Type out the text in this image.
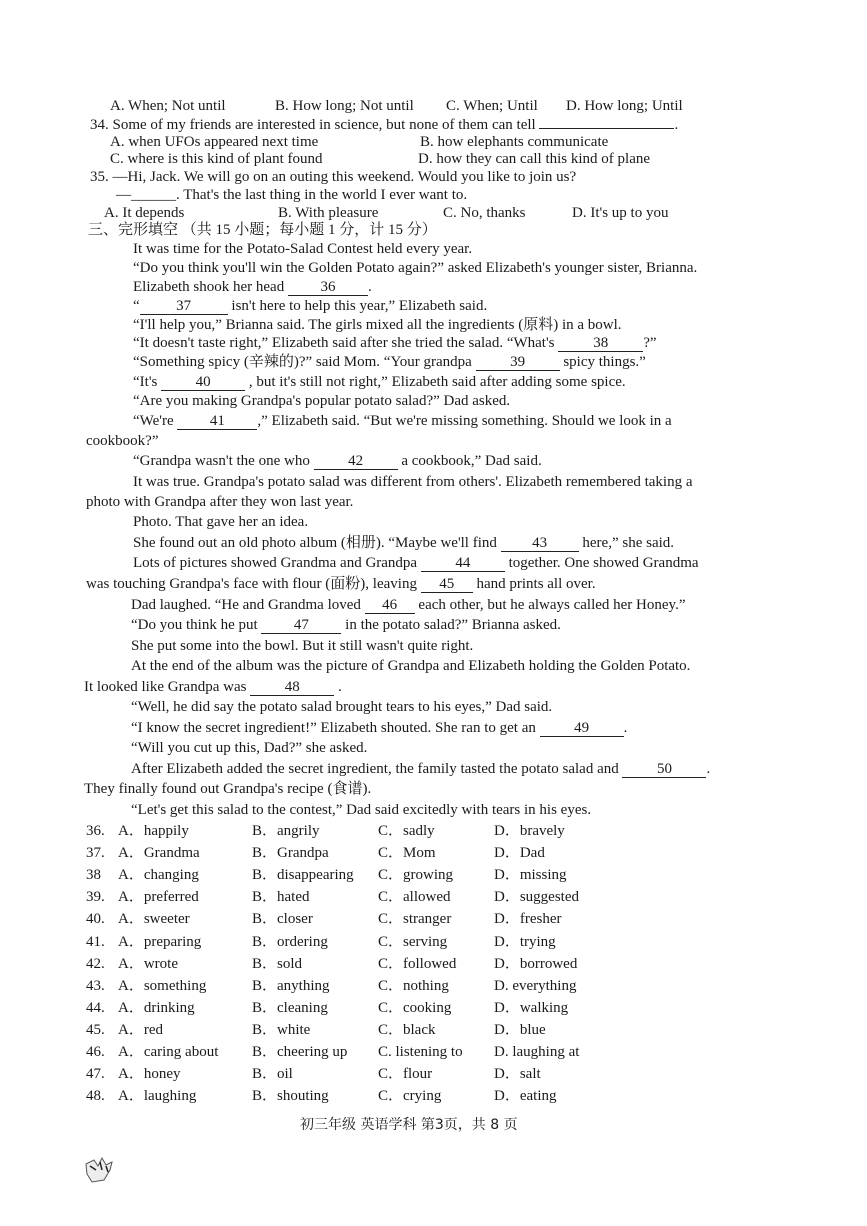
A. When; Not until	B. How long; Not until C. When; Until D. How long; Until
34. Some of my friends are interested in science, but none of them can tell	.
A. when UFOs appeared next time	B. how elephants communicate
C. where is this kind of plant found	D. how they can call this kind of plane
35. —Hi, Jack. We will go on an outing this weekend. Would you like to join us?
—______. That's the last thing in the world I ever want to.
A. It depends	B. With pleasure	C. No, thanks	D. It's up to you
三、完形填空 （共 15 小题；每小题 1 分，计 15 分）
It was time for the Potato-Salad Contest held every year.
“Do you think you'll win the Golden Potato again?” asked Elizabeth's younger sister, Brianna.
Elizabeth shook her head 36 .
“ 37	isn't here to help this year,” Elizabeth said.
“I'll help you,” Brianna said. The girls mixed all the ingredients (原料) in a bowl.
“It doesn't taste right,” Elizabeth said after she tried the salad. “What's	38 ?”
“Something spicy (辛辣的)?” said Mom. “Your grandpa	39	spicy things.”
“It's	40	, but it's still not right,” Elizabeth said after adding some spice.
“Are you making Grandpa's popular potato salad?” Dad asked.
“We're 41 ,” Elizabeth said. “But we're missing something. Should we look in a
cookbook?”
“Grandpa wasn't the one who	42	a cookbook,” Dad said.
It was true. Grandpa's potato salad was different from others'. Elizabeth remembered taking a
photo with Grandpa after they won last year.
Photo. That gave her an idea.
She found out an old photo album (相册). “Maybe we'll find 43 here,” she said.
Lots of pictures showed Grandma and Grandpa	44	together. One showed Grandma
was touching Grandpa's face with flour (面粉), leaving 45 hand prints all over.
Dad laughed. “He and Grandma loved 46 each other, but he always called her Honey.”
“Do you think he put 47 in the potato salad?” Brianna asked.
She put some into the bowl. But it still wasn't quite right.
At the end of the album was the picture of Grandpa and Elizabeth holding the Golden Potato.
It looked like Grandpa was	48 .
“Well, he did say the potato salad brought tears to his eyes,” Dad said.
“I know the secret ingredient!” Elizabeth shouted. She ran to get an	49 .
“Will you cut up this, Dad?” she asked.
After Elizabeth added the secret ingredient, the family tasted the potato salad and	50 .
They finally found out Grandpa's recipe (食谱).
“Let's get this salad to the contest,” Dad said excitedly with tears in his eyes.
36. A．happily	B．angrily	C．sadly	D．bravely
37. A．Grandma	B．Grandpa	C．Mom	D．Dad
38 A．changing	B．disappearing C．growing	D．missing
39. A．preferred	B．hated	C．allowed	D．suggested
40. A．sweeter	B．closer	C．stranger	D．fresher
41. A．preparing	B．ordering	C．serving	D．trying
42. A．wrote	B．sold	C．followed	D．borrowed
43. A．something	B．anything	C．nothing	D. everything
44. A．drinking	B．cleaning	C．cooking	D．walking
45. A．red	B．white	C．black	D．blue
46. A．caring about B．cheering up C. listening to D. laughing at
47. A．honey	B．oil	C．flour	D．salt
48. A．laughing	B．shouting	C．crying	D．eating
初三年级 英语学科 第3页，共 8 页
